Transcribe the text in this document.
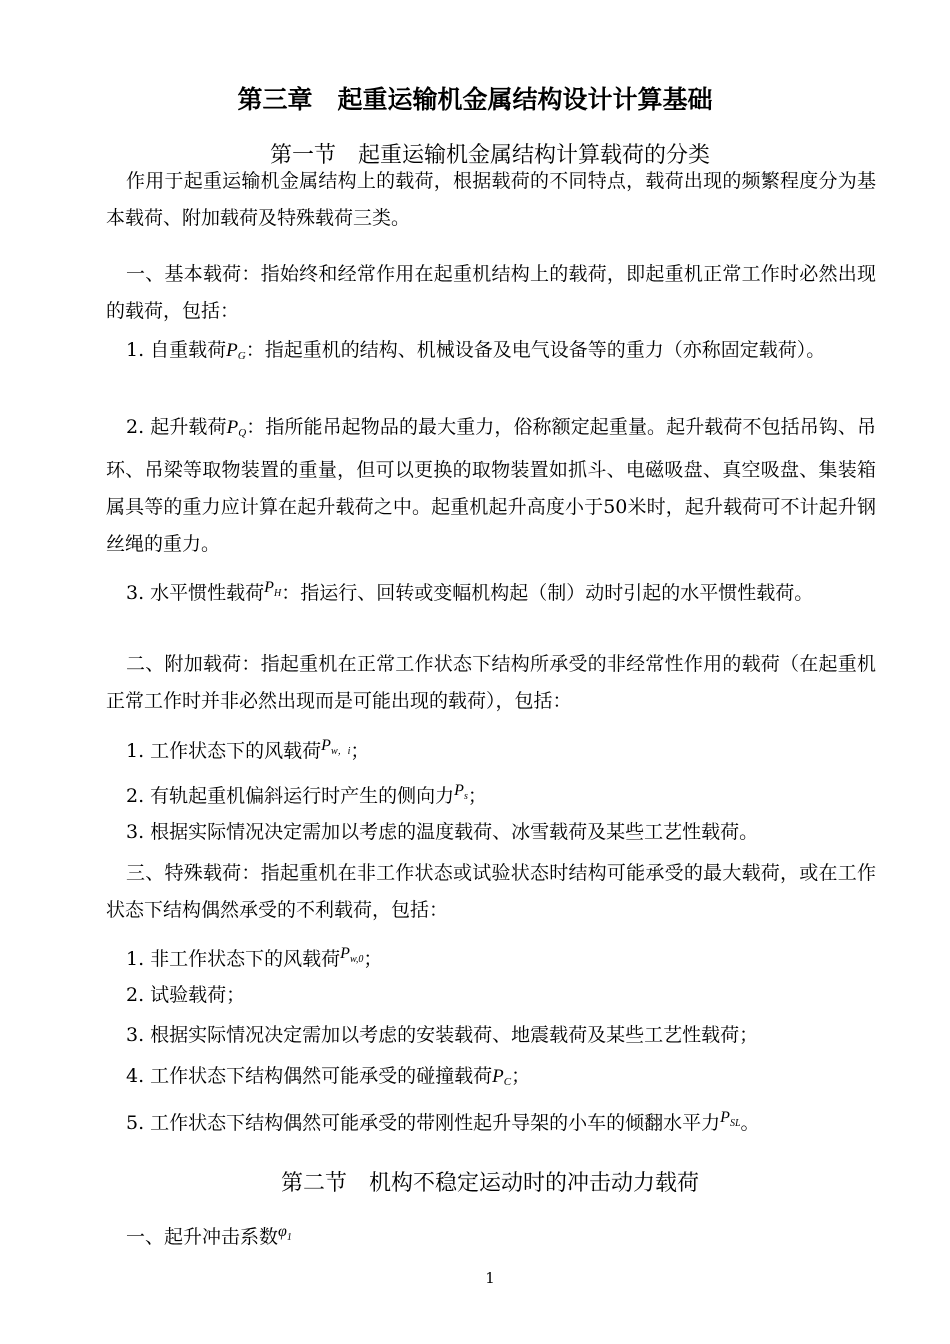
第三章　起重运输机金属结构设计计算基础
第一节　起重运输机金属结构计算载荷的分类

作用于起重运输机金属结构上的载荷，根据载荷的不同特点，载荷出现的频繁程度分为基本载荷、附加载荷及特殊载荷三类。

一、基本载荷：指始终和经常作用在起重机结构上的载荷，即起重机正常工作时必然出现的载荷，包括：

1. 自重载荷$P_G$：指起重机的结构、机械设备及电气设备等的重力（亦称固定载荷）。

2. 起升载荷$P_Q$：指所能吊起物品的最大重力，俗称额定起重量。起升载荷不包括吊钩、吊环、吊梁等取物装置的重量，但可以更换的取物装置如抓斗、电磁吸盘、真空吸盘、集装箱属具等的重力应计算在起升载荷之中。起重机起升高度小于50米时，起升载荷可不计起升钢丝绳的重力。

3. 水平惯性载荷$^P$H：指运行、回转或变幅机构起（制）动时引起的水平惯性载荷。

二、附加载荷：指起重机在正常工作状态下结构所承受的非经常性作用的载荷（在起重机正常工作时并非必然出现而是可能出现的载荷），包括：

1. 工作状态下的风载荷$^P$w，i；
2. 有轨起重机偏斜运行时产生的侧向力$^P$s；
3. 根据实际情况决定需加以考虑的温度载荷、冰雪载荷及某些工艺性载荷。

三、特殊载荷：指起重机在非工作状态或试验状态时结构可能承受的最大载荷，或在工作状态下结构偶然承受的不利载荷，包括：

1. 非工作状态下的风载荷$^P$w,0；
2. 试验载荷；
3. 根据实际情况决定需加以考虑的安装载荷、地震载荷及某些工艺性载荷；
4. 工作状态下结构偶然可能承受的碰撞载荷$P_C$；
5. 工作状态下结构偶然可能承受的带刚性起升导架的小车的倾翻水平力$^P$SL。
第二节　机构不稳定运动时的冲击动力载荷
一、起升冲击系数$^\varphi$1
1
